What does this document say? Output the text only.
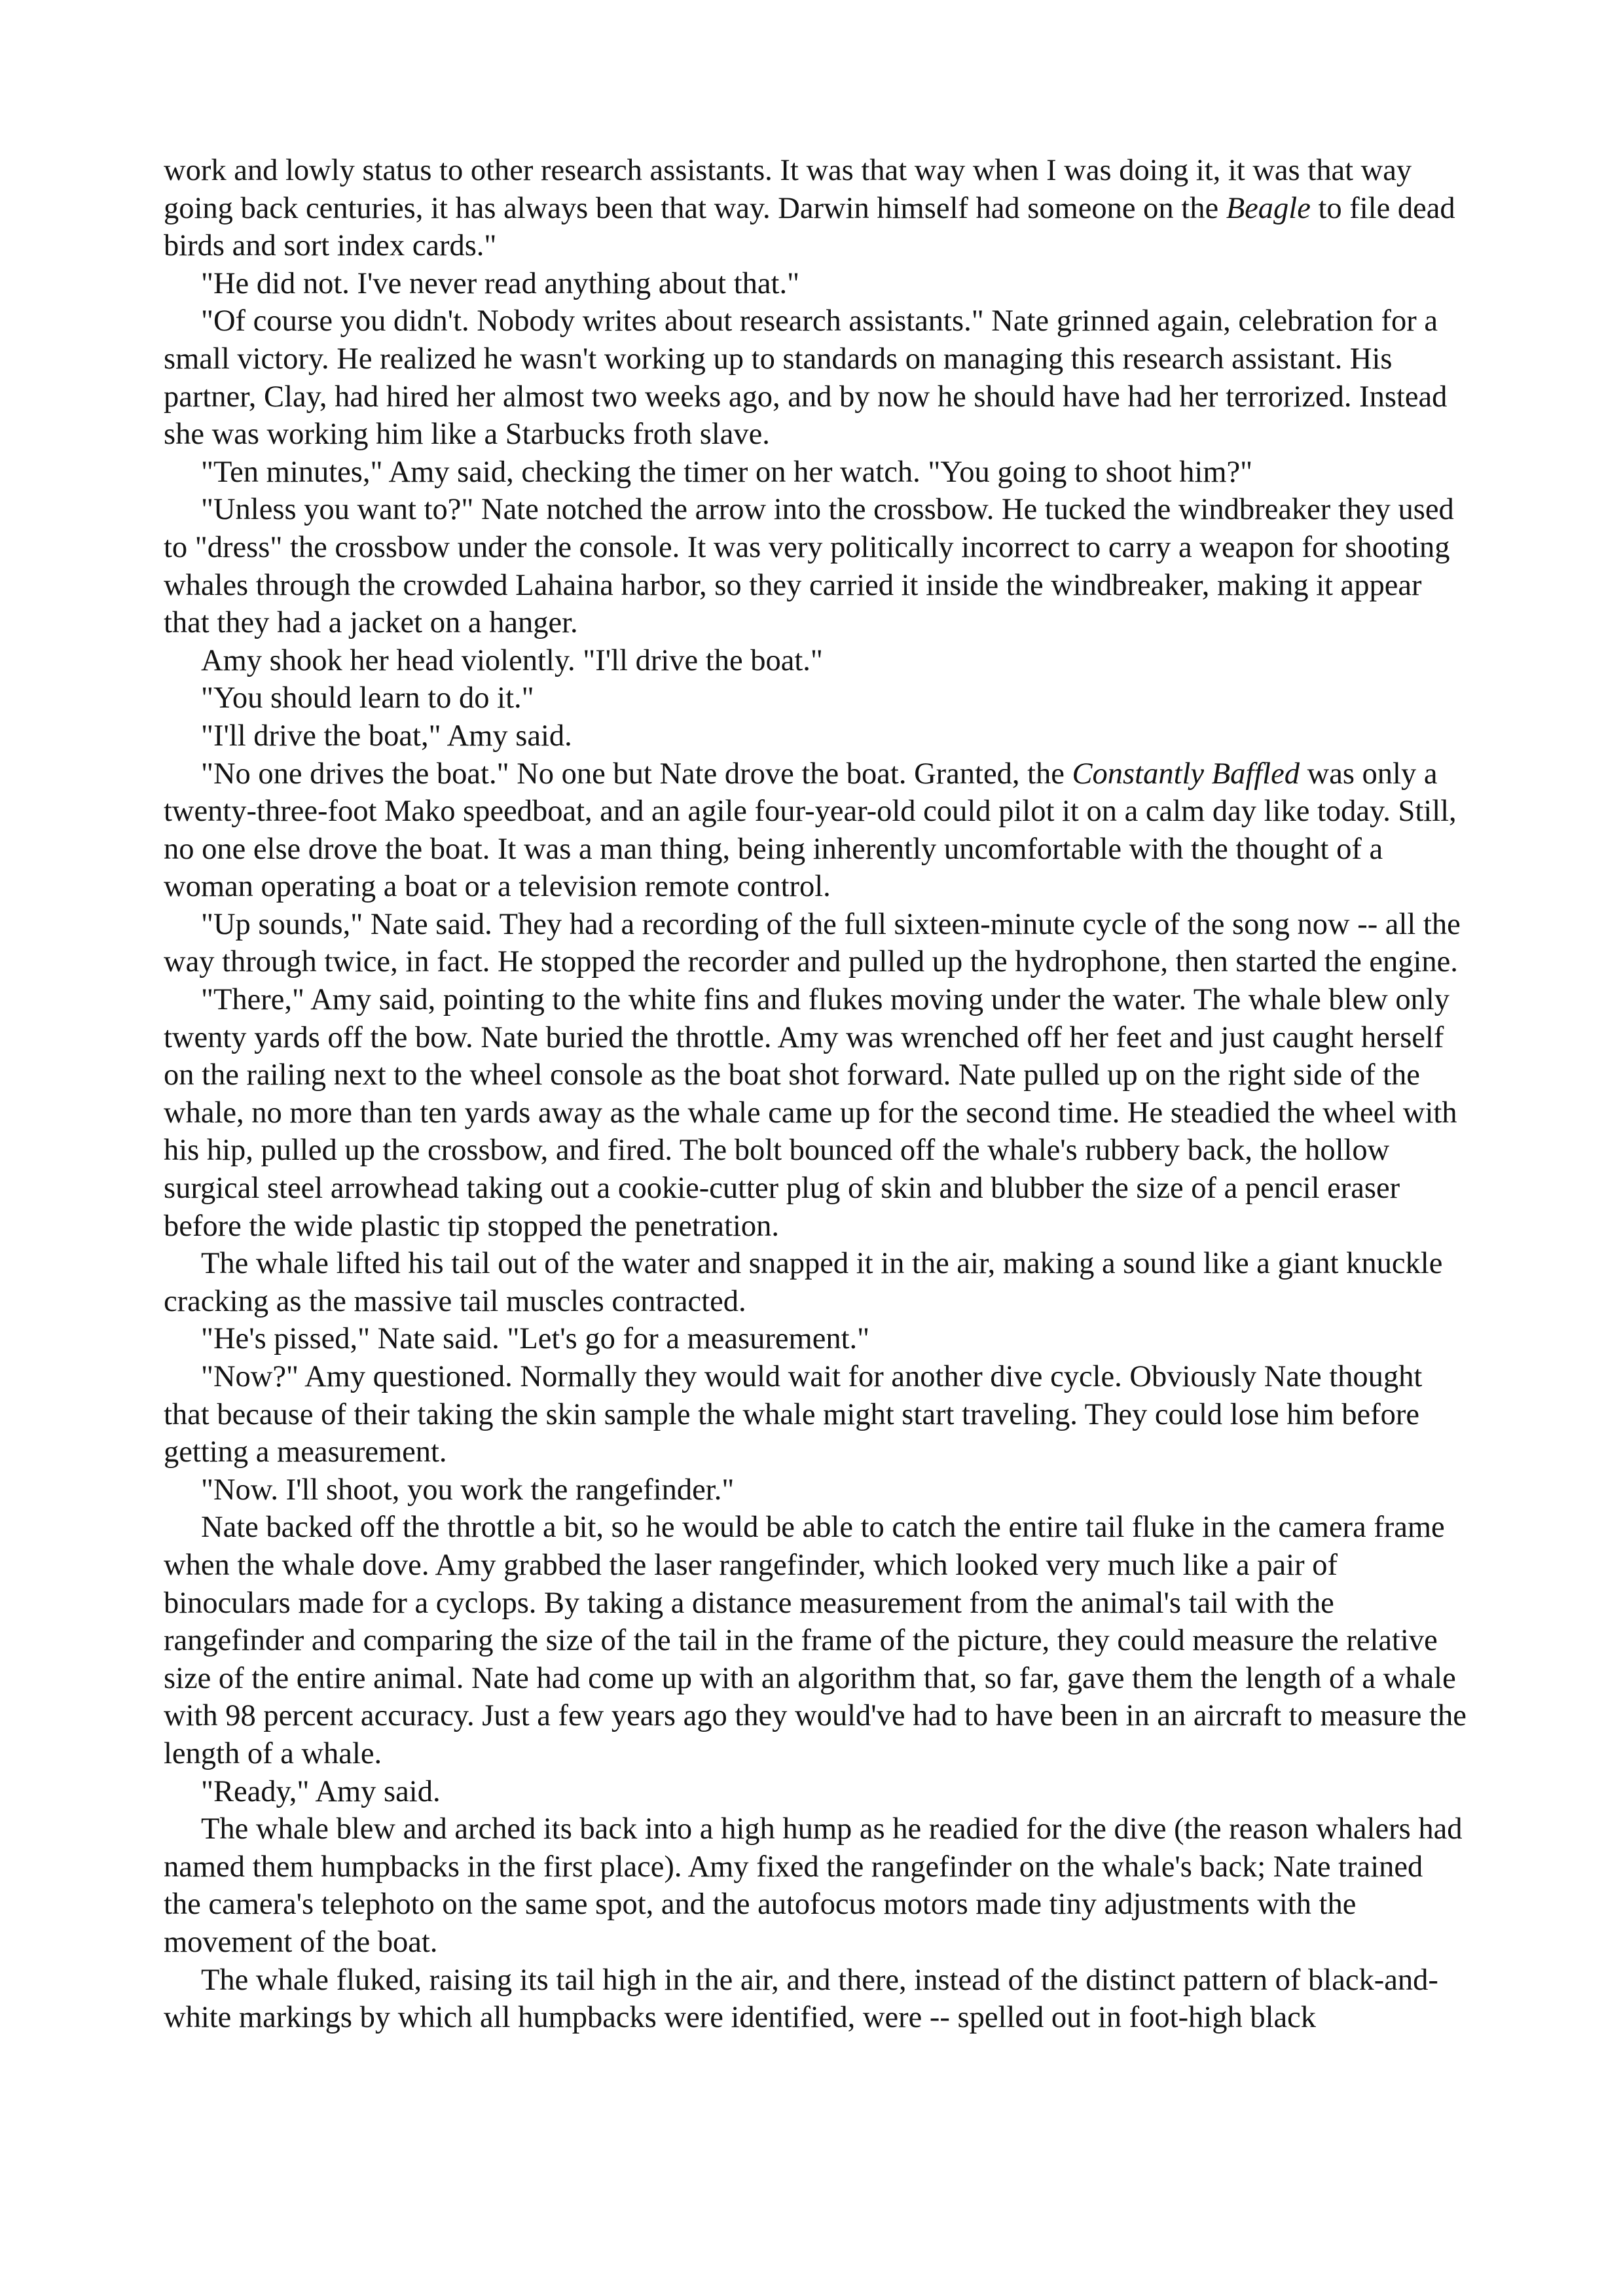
work and lowly status to other research assistants. It was that way when I was doing it, it was that way going back centuries, it has always been that way. Darwin himself had someone on the Beagle to file dead birds and sort index cards."

"He did not. I've never read anything about that."

"Of course you didn't. Nobody writes about research assistants." Nate grinned again, celebration for a small victory. He realized he wasn't working up to standards on managing this research assistant. His partner, Clay, had hired her almost two weeks ago, and by now he should have had her terrorized. Instead she was working him like a Starbucks froth slave.

"Ten minutes," Amy said, checking the timer on her watch. "You going to shoot him?"

"Unless you want to?" Nate notched the arrow into the crossbow. He tucked the windbreaker they used to "dress" the crossbow under the console. It was very politically incorrect to carry a weapon for shooting whales through the crowded Lahaina harbor, so they carried it inside the windbreaker, making it appear that they had a jacket on a hanger.

Amy shook her head violently. "I'll drive the boat."

"You should learn to do it."

"I'll drive the boat," Amy said.

"No one drives the boat." No one but Nate drove the boat. Granted, the Constantly Baffled was only a twenty-three-foot Mako speedboat, and an agile four-year-old could pilot it on a calm day like today. Still, no one else drove the boat. It was a man thing, being inherently uncomfortable with the thought of a woman operating a boat or a television remote control.

"Up sounds," Nate said. They had a recording of the full sixteen-minute cycle of the song now -- all the way through twice, in fact. He stopped the recorder and pulled up the hydrophone, then started the engine.

"There," Amy said, pointing to the white fins and flukes moving under the water. The whale blew only twenty yards off the bow. Nate buried the throttle. Amy was wrenched off her feet and just caught herself on the railing next to the wheel console as the boat shot forward. Nate pulled up on the right side of the whale, no more than ten yards away as the whale came up for the second time. He steadied the wheel with his hip, pulled up the crossbow, and fired. The bolt bounced off the whale's rubbery back, the hollow surgical steel arrowhead taking out a cookie-cutter plug of skin and blubber the size of a pencil eraser before the wide plastic tip stopped the penetration.

The whale lifted his tail out of the water and snapped it in the air, making a sound like a giant knuckle cracking as the massive tail muscles contracted.

"He's pissed," Nate said. "Let's go for a measurement."

"Now?" Amy questioned. Normally they would wait for another dive cycle. Obviously Nate thought that because of their taking the skin sample the whale might start traveling. They could lose him before getting a measurement.

"Now. I'll shoot, you work the rangefinder."

Nate backed off the throttle a bit, so he would be able to catch the entire tail fluke in the camera frame when the whale dove. Amy grabbed the laser rangefinder, which looked very much like a pair of binoculars made for a cyclops. By taking a distance measurement from the animal's tail with the rangefinder and comparing the size of the tail in the frame of the picture, they could measure the relative size of the entire animal. Nate had come up with an algorithm that, so far, gave them the length of a whale with 98 percent accuracy. Just a few years ago they would've had to have been in an aircraft to measure the length of a whale.

"Ready," Amy said.

The whale blew and arched its back into a high hump as he readied for the dive (the reason whalers had named them humpbacks in the first place). Amy fixed the rangefinder on the whale's back; Nate trained the camera's telephoto on the same spot, and the autofocus motors made tiny adjustments with the movement of the boat.

The whale fluked, raising its tail high in the air, and there, instead of the distinct pattern of black-and-white markings by which all humpbacks were identified, were -- spelled out in foot-high black
